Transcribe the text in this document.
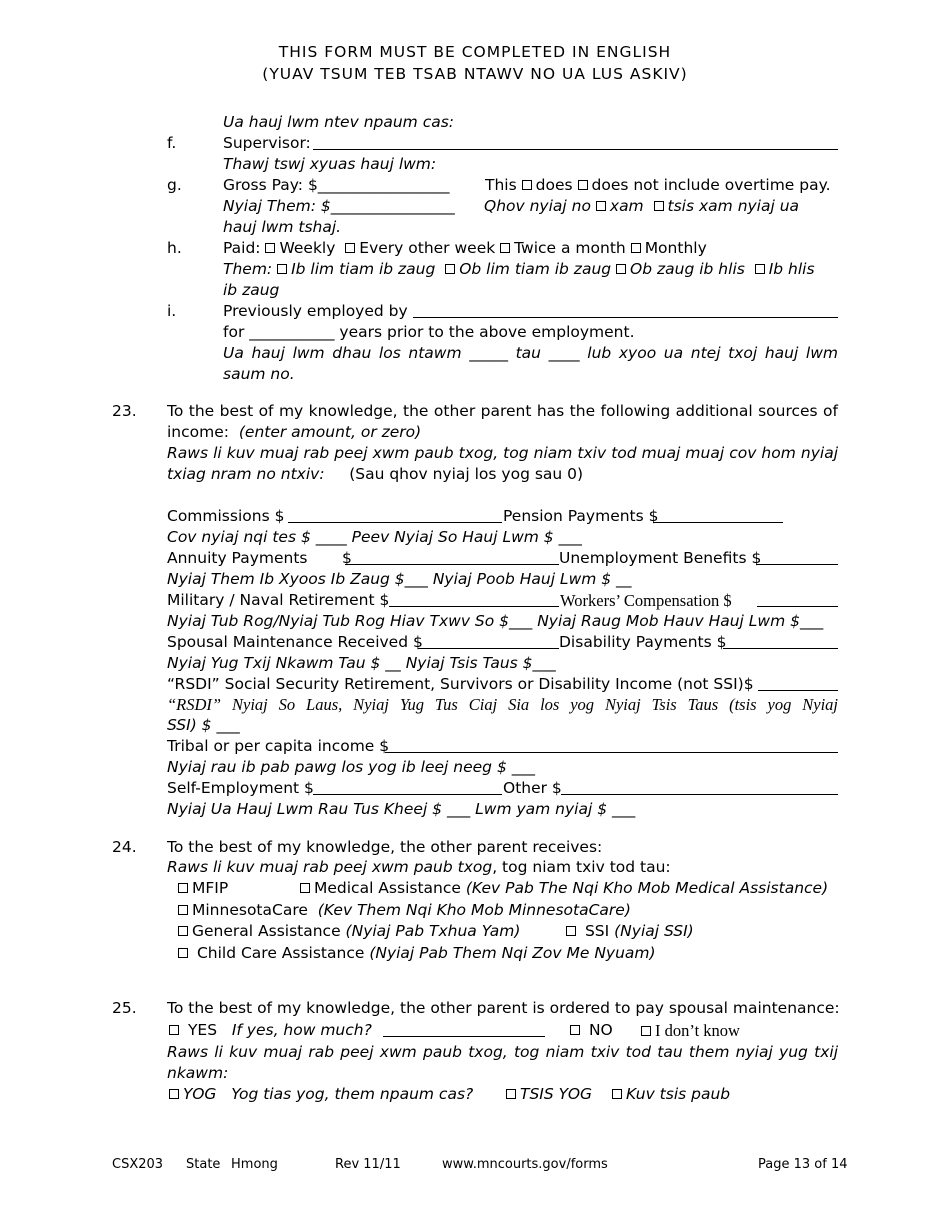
THIS FORM MUST BE COMPLETED IN ENGLISH
(YUAV TSUM TEB TSAB NTAWV NO UA LUS ASKIV)
Ua hauj lwm ntev npaum cas:
f.	Supervisor:
Thawj tswj xyuas hauj lwm:
g.	Gross Pay: $_________________ This does does not include overtime pay.
Nyiaj Them: $________________ Qhov nyiaj no xam tsis xam nyiaj ua
hauj lwm tshaj.
h.	Paid: Weekly Every other week Twice a month Monthly
Them: Ib lim tiam ib zaug Ob lim tiam ib zaug Ob zaug ib hlis Ib hlis
ib zaug
i.	Previously employed by
for ___________ years prior to the above employment.
Ua hauj lwm dhau los ntawm _____ tau ____ lub xyoo ua ntej txoj hauj lwm
saum no.
23. To the best of my knowledge, the other parent has the following additional sources of
income: (enter amount, or zero)
Raws li kuv muaj rab peej xwm paub txog, tog niam txiv tod muaj muaj cov hom nyiaj
txiag nram no ntxiv: (Sau qhov nyiaj los yog sau 0)
Commissions $	Pension Payments $
Cov nyiaj nqi tes $ ____ Peev Nyiaj So Hauj Lwm $ ___
Annuity Payments       $	Unemployment Benefits $
Nyiaj Them Ib Xyoos Ib Zaug $___ Nyiaj Poob Hauj Lwm $ __
Military / Naval Retirement $	Workers’ Compensation $
Nyiaj Tub Rog/Nyiaj Tub Rog Hiav Txwv So $___ Nyiaj Raug Mob Hauv Hauj Lwm $___
Spousal Maintenance Received $	Disability Payments $
Nyiaj Yug Txij Nkawm Tau $ __ Nyiaj Tsis Taus $___
“RSDI” Social Security Retirement, Survivors or Disability Income (not SSI)$
“RSDI” Nyiaj So Laus, Nyiaj Yug Tus Ciaj Sia los yog Nyiaj Tsis Taus (tsis yog Nyiaj
SSI) $ ___
Tribal or per capita income $
Nyiaj rau ib pab pawg los yog ib leej neeg $ ___
Self-Employment $	Other $
Nyiaj Ua Hauj Lwm Rau Tus Kheej $ ___ Lwm yam nyiaj $ ___
24. To the best of my knowledge, the other parent receives:
Raws li kuv muaj rab peej xwm paub txog, tog niam txiv tod tau:
MFIP	Medical Assistance (Kev Pab The Nqi Kho Mob Medical Assistance)
MinnesotaCare (Kev Them Nqi Kho Mob MinnesotaCare)
General Assistance (Nyiaj Pab Txhua Yam)	SSI (Nyiaj SSI)
Child Care Assistance (Nyiaj Pab Them Nqi Zov Me Nyuam)
25. To the best of my knowledge, the other parent is ordered to pay spousal maintenance:
YES If yes, how much?	NO	I don’t know
Raws li kuv muaj rab peej xwm paub txog, tog niam txiv tod tau them nyiaj yug txij
nkawm:
YOG Yog tias yog, them npaum cas?	TSIS YOG	Kuv tsis paub
CSX203 State Hmong	Rev 11/11	www.mncourts.gov/forms	Page 13 of 14
